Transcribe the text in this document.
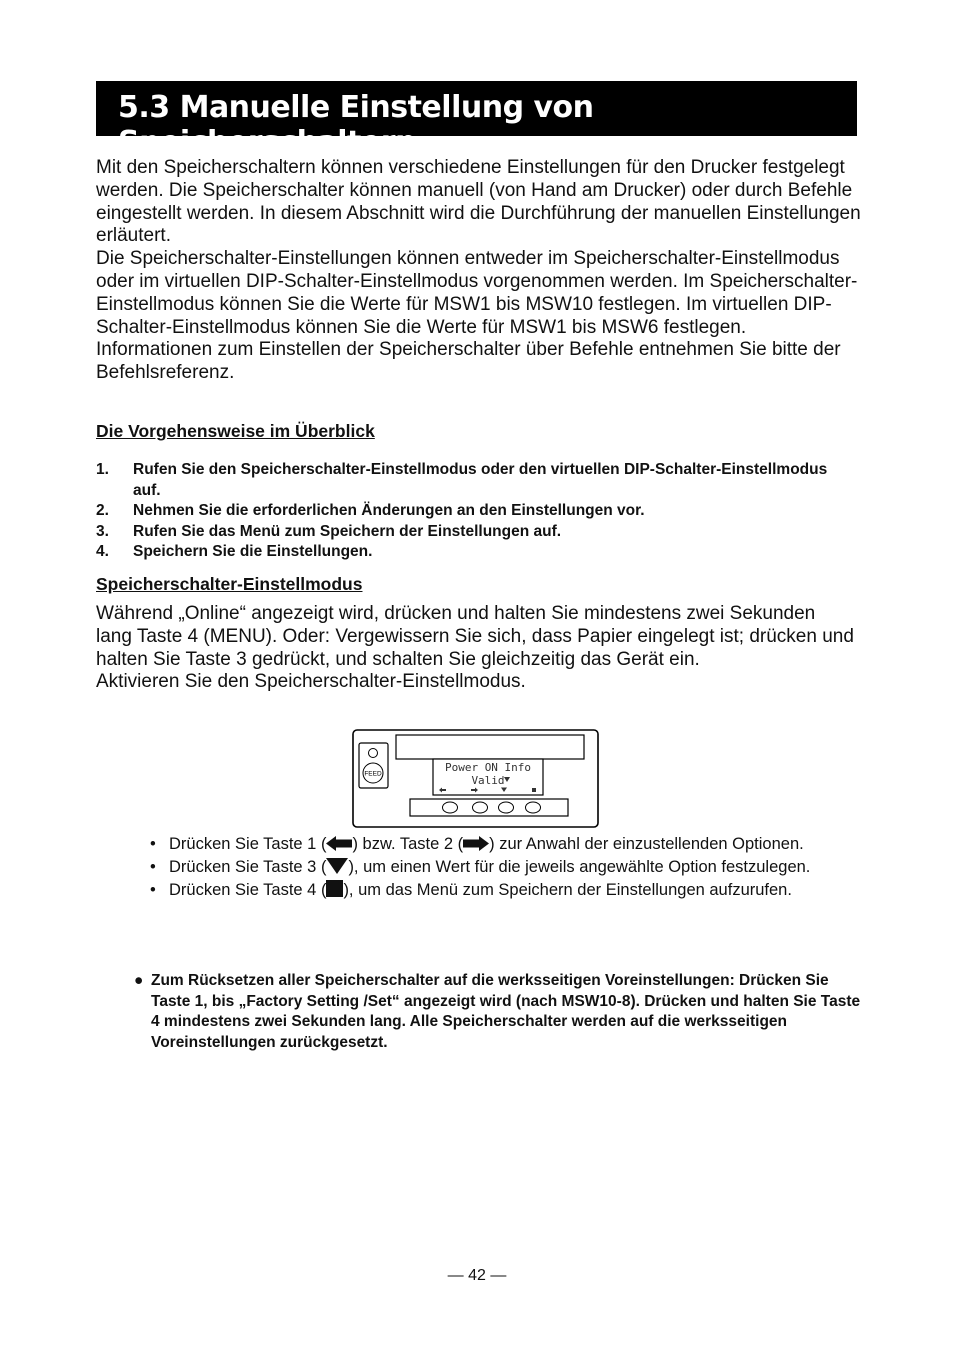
5.3 Manuelle Einstellung von Speicherschaltern

Mit den Speicherschaltern können verschiedene Einstellungen für den Drucker festgelegt werden. Die Speicherschalter können manuell (von Hand am Drucker) oder durch Befehle eingestellt werden. In diesem Abschnitt wird die Durchführung der manuellen Einstellungen erläutert.

Die Speicherschalter-Einstellungen können entweder im Speicherschalter-Einstellmodus oder im virtuellen DIP-Schalter-Einstellmodus vorgenommen werden. Im Speicherschalter-Einstellmodus können Sie die Werte für MSW1 bis MSW10 festlegen. Im virtuellen DIP-Schalter-Einstellmodus können Sie die Werte für MSW1 bis MSW6 festlegen.

Informationen zum Einstellen der Speicherschalter über Befehle entnehmen Sie bitte der Befehlsreferenz.

Die Vorgehensweise im Überblick
1. Rufen Sie den Speicherschalter-Einstellmodus oder den virtuellen DIP-Schalter-Einstellmodus auf.
2. Nehmen Sie die erforderlichen Änderungen an den Einstellungen vor.
3. Rufen Sie das Menü zum Speichern der Einstellungen auf.
4. Speichern Sie die Einstellungen.
Speicherschalter-Einstellmodus

Während „Online“ angezeigt wird, drücken und halten Sie mindestens zwei Sekunden lang Taste 4 (MENU). Oder: Vergewissern Sie sich, dass Papier eingelegt ist; drücken und halten Sie Taste 3 gedrückt, und schalten Sie gleichzeitig das Gerät ein.

Aktivieren Sie den Speicherschalter-Einstellmodus.

FEED	Power ON Info
Valid
• Drücken Sie Taste 1 ( ) bzw. Taste 2 ( ) zur Anwahl der einzustellenden Optionen.
• Drücken Sie Taste 3 ( ), um einen Wert für die jeweils angewählte Option festzulegen.
• Drücken Sie Taste 4 ( ), um das Menü zum Speichern der Einstellungen aufzurufen.
● Zum Rücksetzen aller Speicherschalter auf die werksseitigen Voreinstellungen: Drücken Sie Taste 1, bis „Factory Setting /Set“ angezeigt wird (nach MSW10-8). Drücken und halten Sie Taste 4 mindestens zwei Sekunden lang. Alle Speicherschalter werden auf die werksseitigen Voreinstellungen zurückgesetzt.
— 42 —
